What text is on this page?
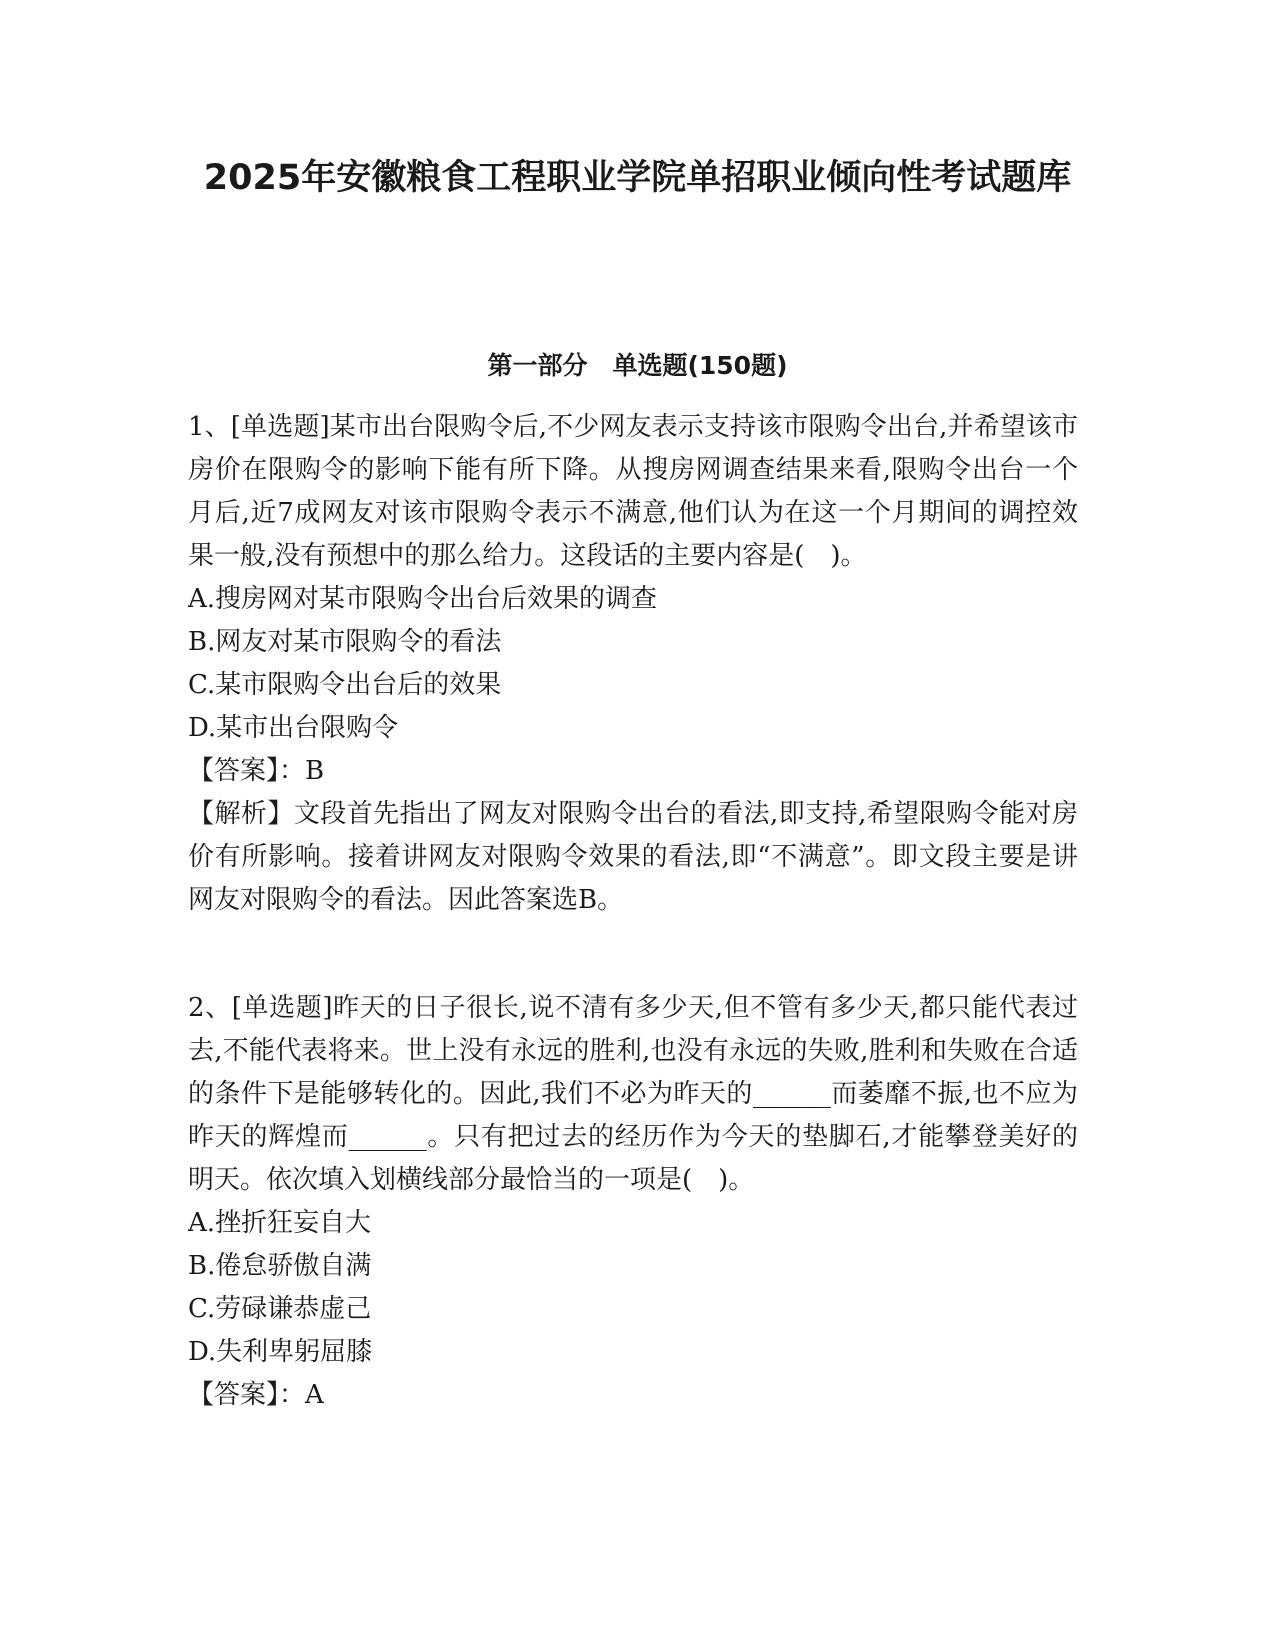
2025年安徽粮食工程职业学院单招职业倾向性考试题库
第一部分　单选题(150题)

1、[单选题]某市出台限购令后,不少网友表示支持该市限购令出台,并希望该市房价在限购令的影响下能有所下降。从搜房网调查结果来看,限购令出台一个月后,近7成网友对该市限购令表示不满意,他们认为在这一个月期间的调控效果一般,没有预想中的那么给力。这段话的主要内容是(　)。

A.搜房网对某市限购令出台后效果的调查

B.网友对某市限购令的看法

C.某市限购令出台后的效果

D.某市出台限购令

【答案】：B

【解析】文段首先指出了网友对限购令出台的看法,即支持,希望限购令能对房价有所影响。接着讲网友对限购令效果的看法,即“不满意”。即文段主要是讲网友对限购令的看法。因此答案选B。

2、[单选题]昨天的日子很长,说不清有多少天,但不管有多少天,都只能代表过去,不能代表将来。世上没有永远的胜利,也没有永远的失败,胜利和失败在合适的条件下是能够转化的。因此,我们不必为昨天的______而萎靡不振,也不应为昨天的辉煌而______。只有把过去的经历作为今天的垫脚石,才能攀登美好的明天。依次填入划横线部分最恰当的一项是(　)。

A.挫折狂妄自大

B.倦怠骄傲自满

C.劳碌谦恭虚己

D.失利卑躬屈膝

【答案】：A
